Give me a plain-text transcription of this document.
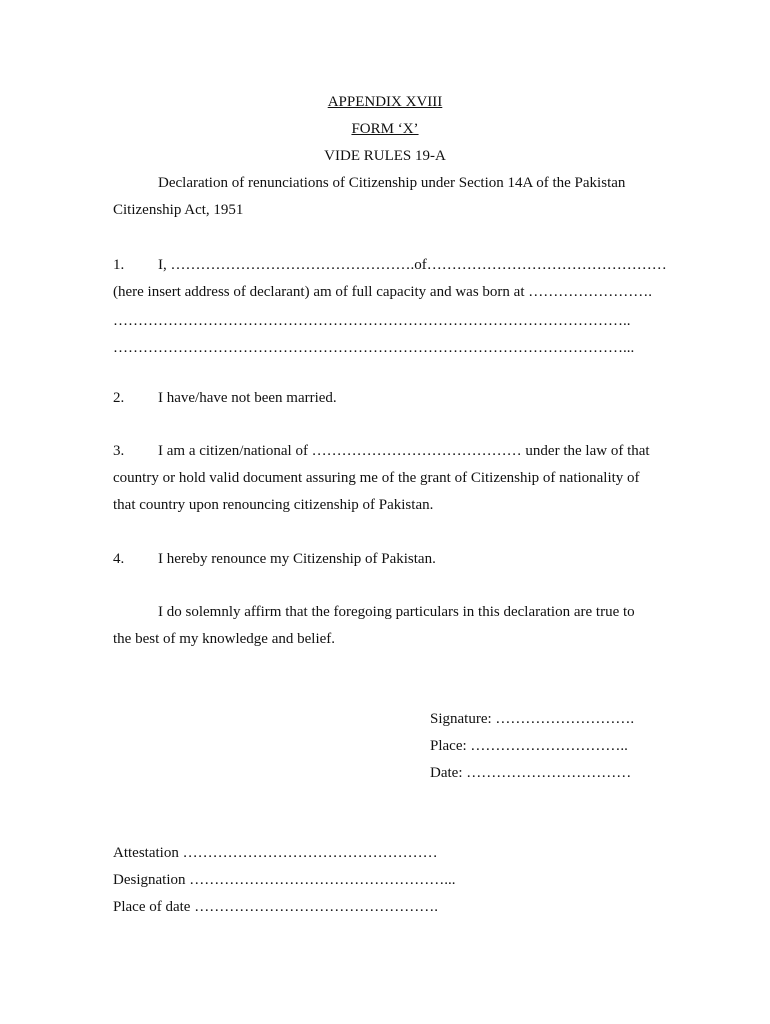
APPENDIX XVIII
FORM ‘X’
VIDE RULES 19-A
Declaration of renunciations of Citizenship under Section 14A of the Pakistan
Citizenship Act, 1951
1. I, ………………………………………….of…………………………………………
(here insert address of declarant) am of full capacity and was born at …………………….
…………………………………………………………………………………………..
…………………………………………………………………………………………...
2. I have/have not been married.
3. I am a citizen/national of …………………………………… under the law of that
country or hold valid document assuring me of the grant of Citizenship of nationality of
that country upon renouncing citizenship of Pakistan.
4. I hereby renounce my Citizenship of Pakistan.
I do solemnly affirm that the foregoing particulars in this declaration are true to
the best of my knowledge and belief.
Signature: ……………………….
Place: …………………………..
Date: ……………………………
Attestation ……………………………………………
Designation ……………………………………………...
Place of date ………………………………………….
